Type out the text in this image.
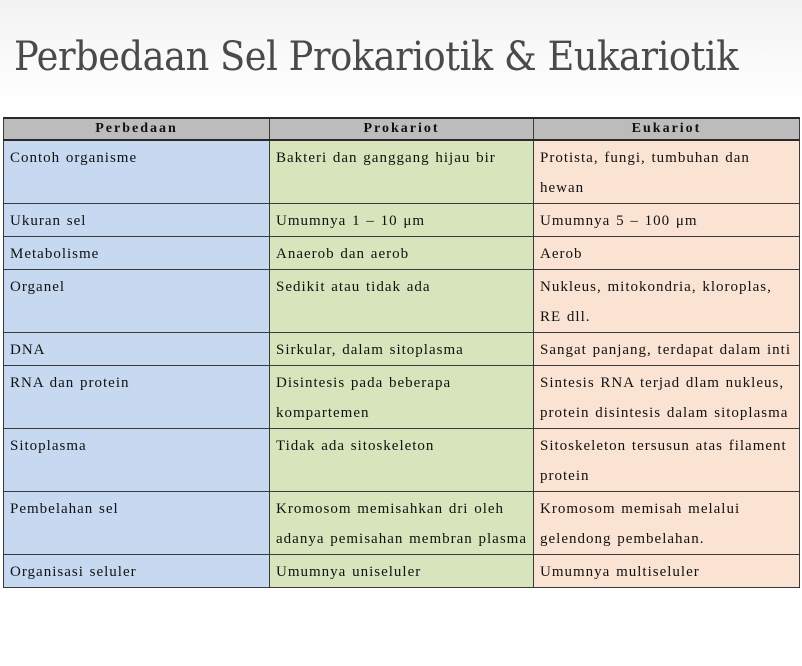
Perbedaan Sel Prokariotik & Eukariotik
Perbedaan	Prokariot	Eukariot
Contoh organisme	Bakteri dan ganggang hijau bir	Protista, fungi, tumbuhan dan hewan
Ukuran sel	Umumnya 1 – 10 μm	Umumnya 5 – 100 μm
Metabolisme	Anaerob dan aerob	Aerob
Organel	Sedikit atau tidak ada	Nukleus, mitokondria, kloroplas, RE dll.
DNA	Sirkular, dalam sitoplasma	Sangat panjang, terdapat dalam inti
RNA dan protein	Disintesis pada beberapa kompartemen	Sintesis RNA terjad dlam nukleus, protein disintesis dalam sitoplasma
Sitoplasma	Tidak ada sitoskeleton	Sitoskeleton tersusun atas filament protein
Pembelahan sel	Kromosom memisahkan dri oleh adanya pemisahan membran plasma	Kromosom memisah melalui gelendong pembelahan.
Organisasi seluler	Umumnya uniseluler	Umumnya multiseluler
